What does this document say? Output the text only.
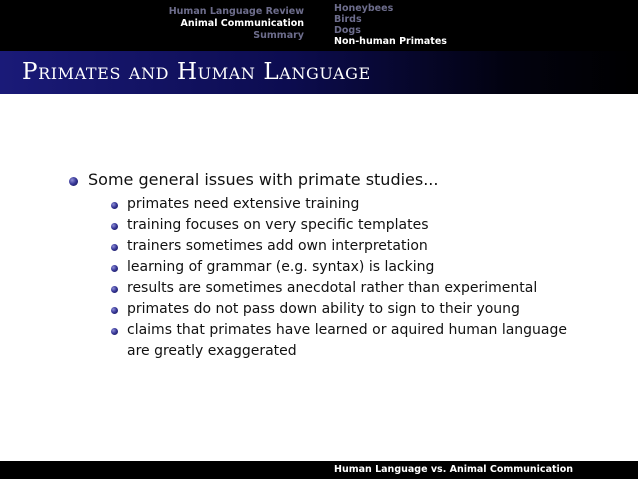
Human Language Review
Animal Communication
Summary
Honeybees
Birds
Dogs
Non-human Primates
Primates and Human Language
Some general issues with primate studies...
primates need extensive training
training focuses on very specific templates
trainers sometimes add own interpretation
learning of grammar (e.g. syntax) is lacking
results are sometimes anecdotal rather than experimental
primates do not pass down ability to sign to their young
claims that primates have learned or aquired human language
are greatly exaggerated
Human Language vs. Animal Communication
